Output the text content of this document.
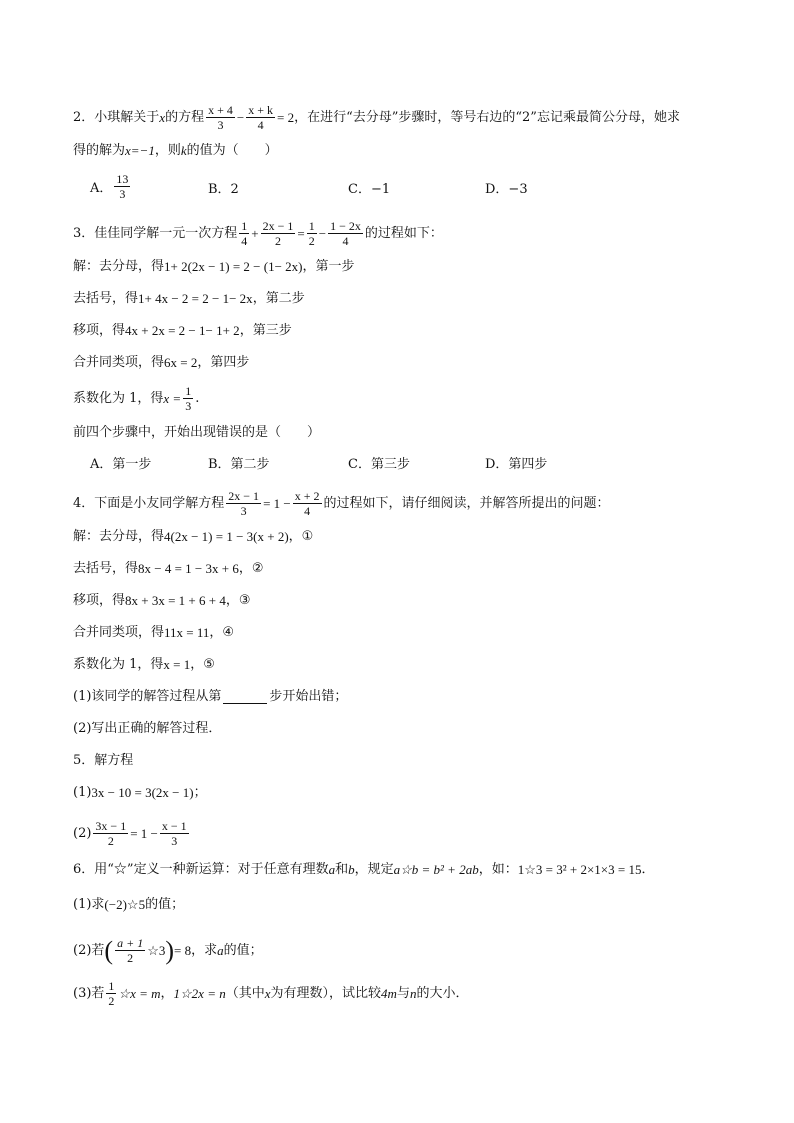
2． 小琪解关于 x 的方程 $\frac{x + 4}{3} - \frac{x + k}{4} = 2$ ，在进行“去分母”步骤时，等号右边的“2”忘记乘最简公分母，她求
得的解为 x=−1 ，则 k 的值为（　　）
A． $\frac{13}{3}$	B．2	C．−1	D．−3
3．佳佳同学解一元一次方程 $\frac{1}{4} + \frac{2x - 1}{2} = \frac{1}{2} - \frac{1 - 2x}{4}$ 的过程如下：
解：去分母，得 1+ 2(2x − 1) = 2 − (1− 2x) ，第一步
去括号，得 1+ 4x − 2 = 2 − 1− 2x ，第二步
移项，得 4x + 2x = 2 − 1− 1+ 2 ，第三步
合并同类项，得 6x = 2 ，第四步
系数化为 1，得 $x = \frac{1}{3}$ .
前四个步骤中，开始出现错误的是（　　）
A．第一步	B．第二步	C．第三步	D．第四步
4．下面是小友同学解方程 $\frac{2x - 1}{3} = 1 - \frac{x + 2}{4}$ 的过程如下，请仔细阅读，并解答所提出的问题：
解：去分母，得 4(2x − 1) = 1 − 3(x + 2) ，①
去括号，得 8x − 4 = 1 − 3x + 6 ，②
移项，得 8x + 3x = 1 + 6 + 4 ，③
合并同类项，得 11x = 11 ，④
系数化为 1，得 x = 1 ，⑤
(1)该同学的解答过程从第	步开始出错；
(2)写出正确的解答过程．
5．解方程
(1) 3x − 10 = 3(2x − 1) ；
$(2) \frac{3x - 1}{2} = 1 - \frac{x - 1}{3}$
6．用“☆”定义一种新运算：对于任意有理数 a 和 b ，规定 a☆b = b² + 2ab ，如： 1☆3 = 3² + 2×1×3 = 15 ．
(1)求 (−2)☆5 的值；
(2)若 ( $\frac{a + 1}{2}$ ☆3 ) = 8 ，求 a 的值；
(3)若 $\frac{1}{2}$ ☆x = m ， 1☆2x = n （其中 x 为有理数），试比较 4m 与 n 的大小．
